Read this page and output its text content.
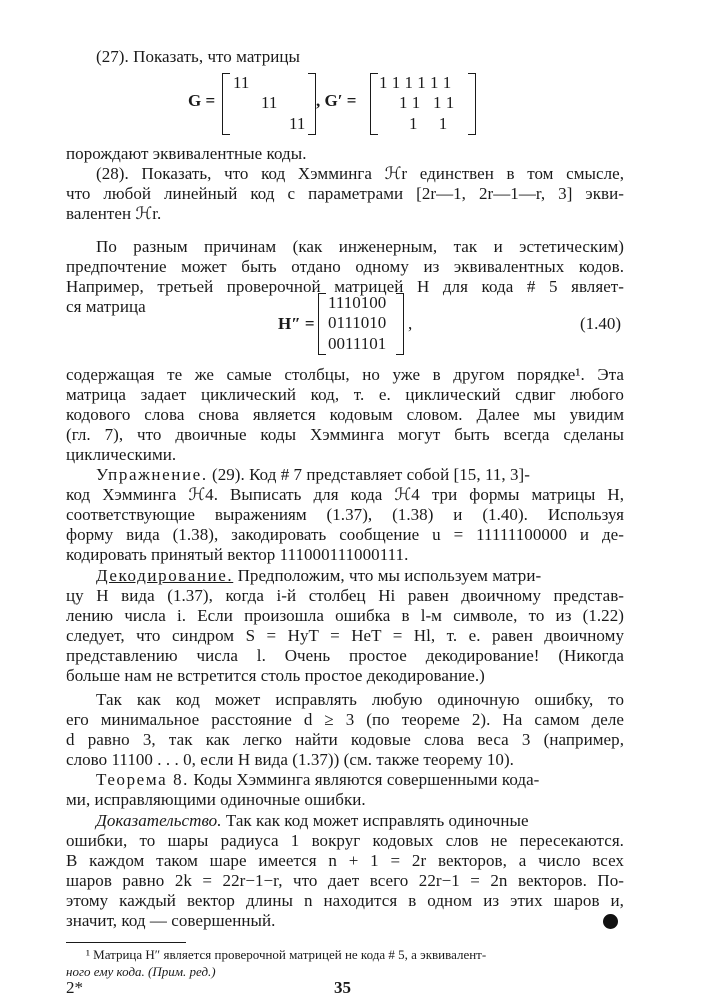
(27). Показать, что матрицы
G =
11
11
11
, G′ =
1 1 1 1 1 1
1 1   1 1
1     1
порождают эквивалентные коды.
(28). Показать, что код Хэмминга ℋr единствен в том смысле,
что любой линейный код с параметрами [2r—1, 2r—1—r, 3] экви-
валентен ℋr.
По разным причинам (как инженерным, так и эстетическим)
предпочтение может быть отдано одному из эквивалентных кодов.
Например, третьей проверочной матрицей H для кода # 5 являет-
ся матрица
H″ =
1110100
0111010
0011101
,	(1.40)
содержащая те же самые столбцы, но уже в другом порядке¹. Эта
матрица задает циклический код, т. е. циклический сдвиг любого
кодового слова снова является кодовым словом. Далее мы увидим
(гл. 7), что двоичные коды Хэмминга могут быть всегда сделаны
циклическими.
Упражнение. (29). Код # 7 представляет собой [15, 11, 3]-
код Хэмминга ℋ4. Выписать для кода ℋ4 три формы матрицы H,
соответствующие выражениям (1.37), (1.38) и (1.40). Используя
форму вида (1.38), закодировать сообщение u = 11111100000 и де-
кодировать принятый вектор 111000111000111.
Декодирование. Предположим, что мы используем матри-
цу H вида (1.37), когда i-й столбец Hi равен двоичному представ-
лению числа i. Если произошла ошибка в l-м символе, то из (1.22)
следует, что синдром S = HyT = HeT = Hl, т. е. равен двоичному
представлению числа l. Очень простое декодирование! (Никогда
больше нам не встретится столь простое декодирование.)
Так как код может исправлять любую одиночную ошибку, то
его минимальное расстояние d ≥ 3 (по теореме 2). На самом деле
d равно 3, так как легко найти кодовые слова веса 3 (например,
слово 11100 . . . 0, если H вида (1.37)) (см. также теорему 10).
Теорема 8. Коды Хэмминга являются совершенными кода-
ми, исправляющими одиночные ошибки.
Доказательство. Так как код может исправлять одиночные
ошибки, то шары радиуса 1 вокруг кодовых слов не пересекаются.
В каждом таком шаре имеется n + 1 = 2r векторов, а число всех
шаров равно 2k = 22r−1−r, что дает всего 22r−1 = 2n векторов. По-
этому каждый вектор длины n находится в одном из этих шаров и,
значит, код — совершенный.
¹ Матрица H″ является проверочной матрицей не кода # 5, а эквивалент-
ного ему кода. (Прим. ред.)
2*	35
